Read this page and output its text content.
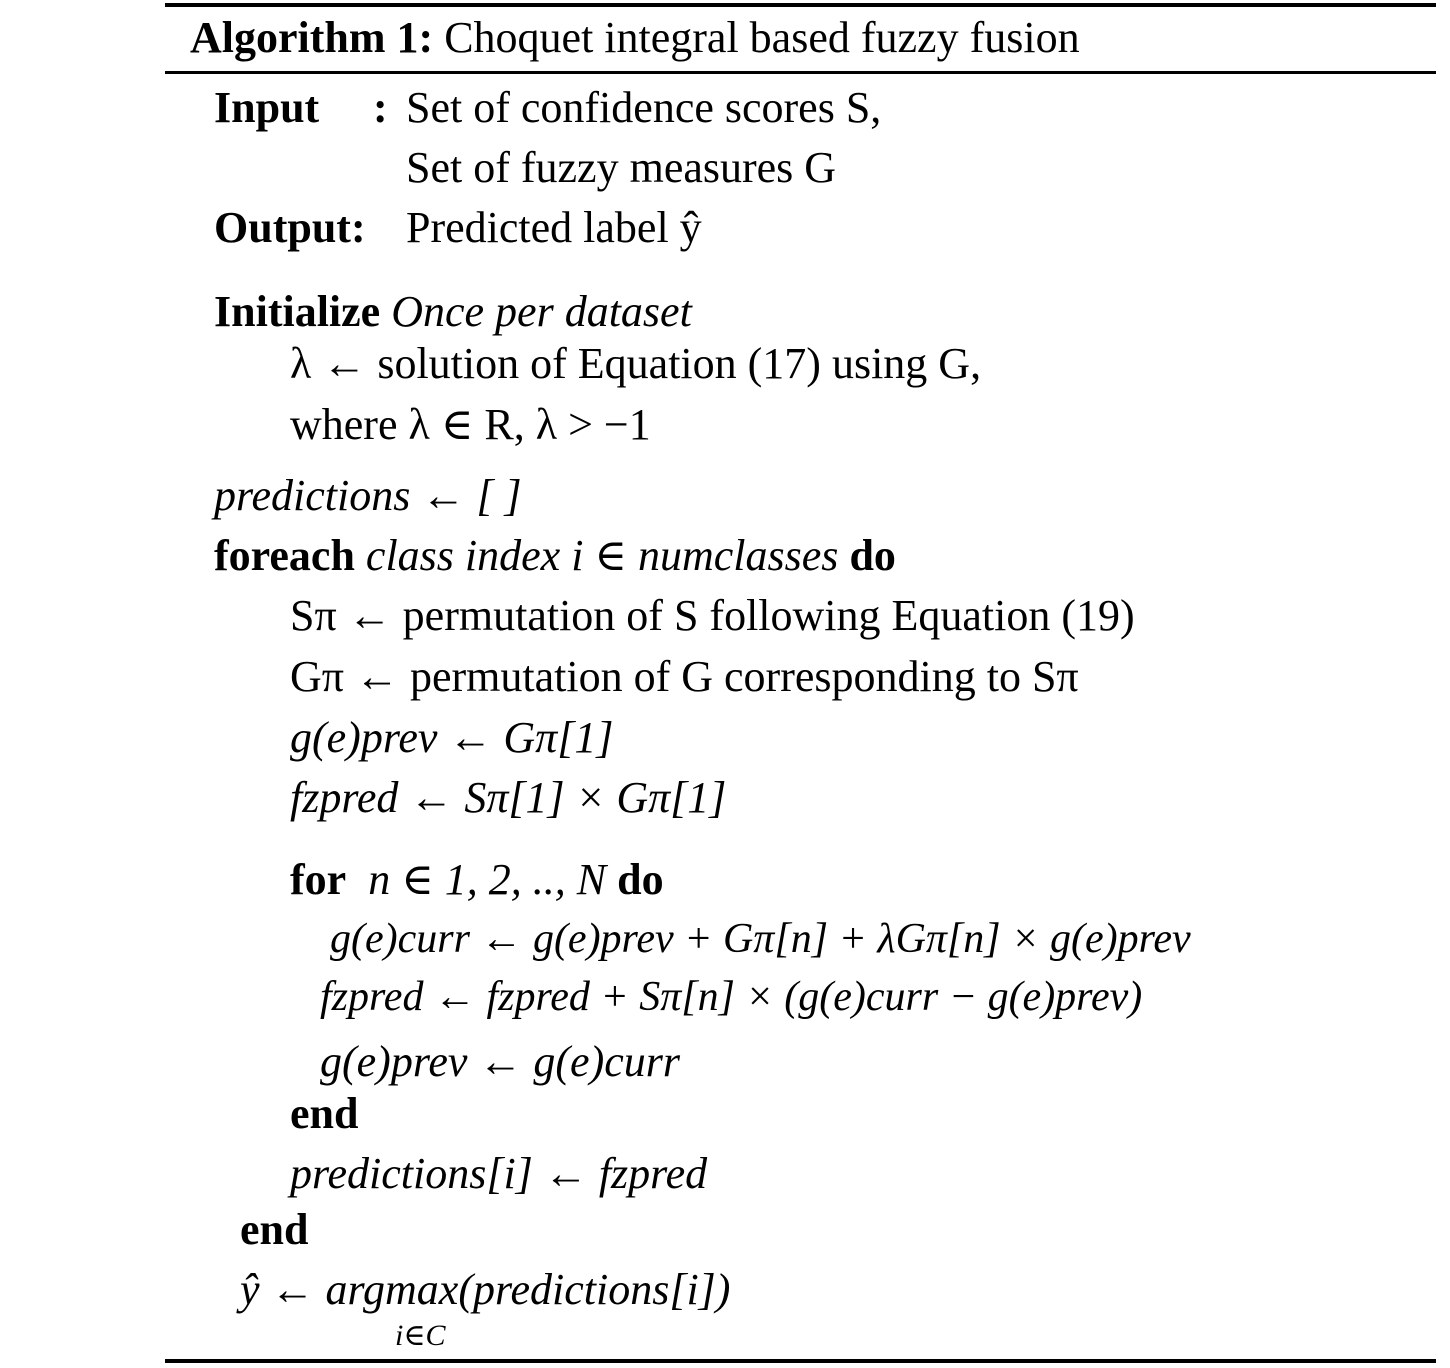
Algorithm 1: Choquet integral based fuzzy fusion
Input : Set of confidence scores S,
Set of fuzzy measures G
Output: Predicted label ŷ
Initialize Once per dataset
λ ← solution of Equation (17) using G,
where λ ∈ R, λ > −1
predictions ← [ ]
foreach class index i ∈ numclasses do
Sπ ← permutation of S following Equation (19)
Gπ ← permutation of G corresponding to Sπ
g(e)prev ← Gπ[1]
fzpred ← Sπ[1] × Gπ[1]
for n ∈ 1, 2, .., N do
g(e)curr ← g(e)prev + Gπ[n] + λGπ[n] × g(e)prev
fzpred ← fzpred + Sπ[n] × (g(e)curr − g(e)prev)
g(e)prev ← g(e)curr
end
predictions[i] ← fzpred
end
ŷ ← argmax(predictions[i])
i∈C
